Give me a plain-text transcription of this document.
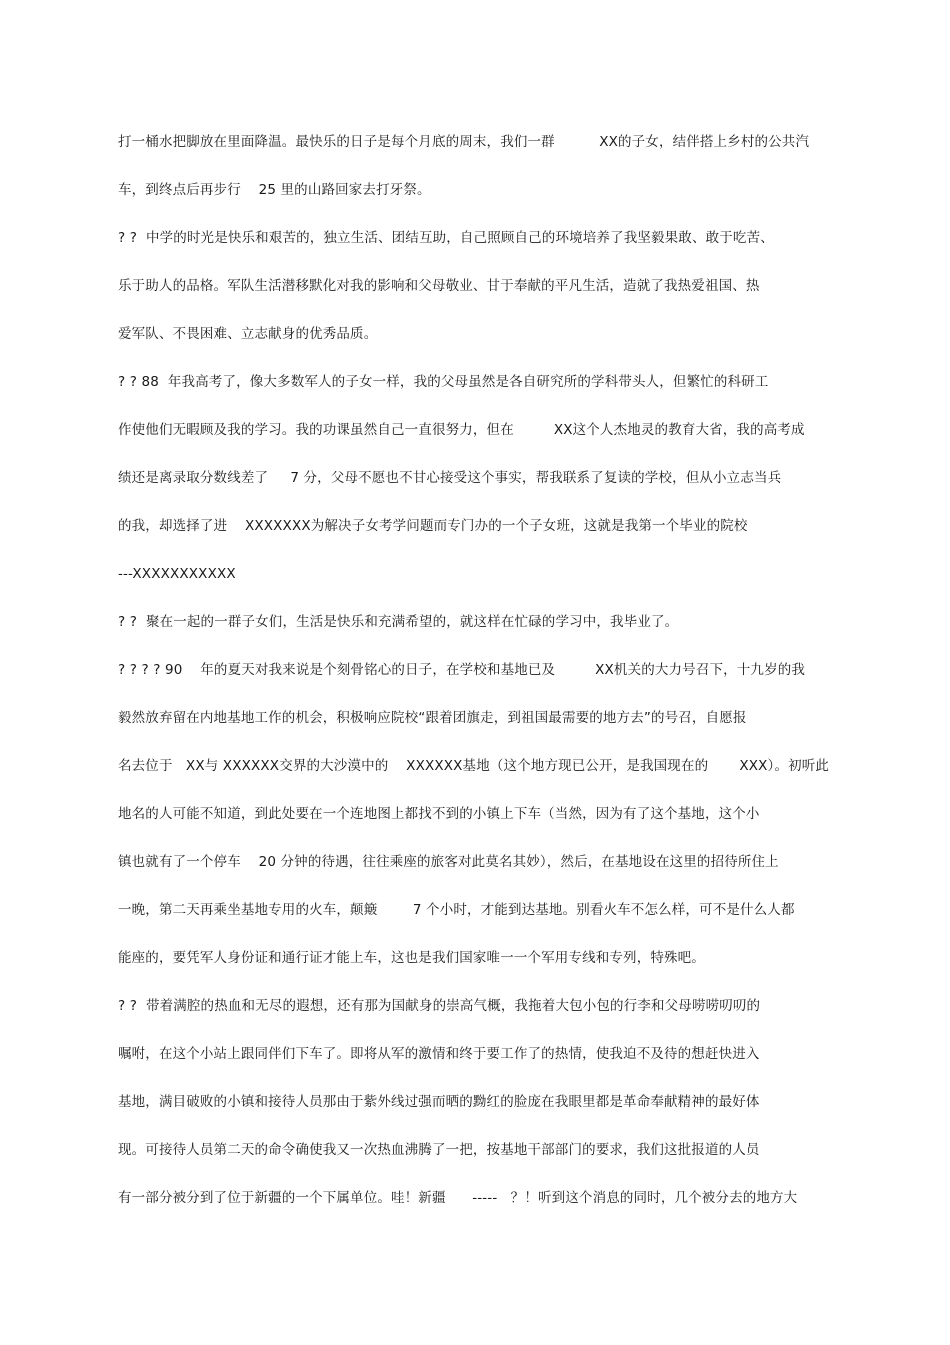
打一桶水把脚放在里面降温。最快乐的日子是每个月底的周末，我们一群          XX的子女，结伴搭上乡村的公共汽
车，到终点后再步行    25 里的山路回家去打牙祭。
? ?  中学的时光是快乐和艰苦的，独立生活、团结互助，自己照顾自己的环境培养了我坚毅果敢、敢于吃苦、
乐于助人的品格。军队生活潜移默化对我的影响和父母敬业、甘于奉献的平凡生活，造就了我热爱祖国、热
爱军队、不畏困难、立志献身的优秀品质。
? ? 88  年我高考了，像大多数军人的子女一样，我的父母虽然是各自研究所的学科带头人，但繁忙的科研工
作使他们无暇顾及我的学习。我的功课虽然自己一直很努力，但在         XX这个人杰地灵的教育大省，我的高考成
绩还是离录取分数线差了     7 分，父母不愿也不甘心接受这个事实，帮我联系了复读的学校，但从小立志当兵
的我，却选择了进    XXXXXXX为解决子女考学问题而专门办的一个子女班，这就是我第一个毕业的院校
---XXXXXXXXXXX
? ?  聚在一起的一群子女们，生活是快乐和充满希望的，就这样在忙碌的学习中，我毕业了。
? ? ? ? 90    年的夏天对我来说是个刻骨铭心的日子，在学校和基地已及         XX机关的大力号召下，十九岁的我
毅然放弃留在内地基地工作的机会，积极响应院校“跟着团旗走，到祖国最需要的地方去”的号召，自愿报
名去位于   XX与 XXXXXX交界的大沙漠中的    XXXXXX基地（这个地方现已公开，是我国现在的       XXX）。初听此
地名的人可能不知道，到此处要在一个连地图上都找不到的小镇上下车（当然，因为有了这个基地，这个小
镇也就有了一个停车    20 分钟的待遇，往往乘座的旅客对此莫名其妙），然后，在基地设在这里的招待所住上
一晚，第二天再乘坐基地专用的火车，颠簸        7 个小时，才能到达基地。别看火车不怎么样，可不是什么人都
能座的，要凭军人身份证和通行证才能上车，这也是我们国家唯一一个军用专线和专列，特殊吧。
? ?  带着满腔的热血和无尽的遐想，还有那为国献身的崇高气概，我拖着大包小包的行李和父母唠唠叨叨的
嘱咐，在这个小站上跟同伴们下车了。即将从军的激情和终于要工作了的热情，使我迫不及待的想赶快进入
基地，满目破败的小镇和接待人员那由于紫外线过强而晒的黝红的脸庞在我眼里都是革命奉献精神的最好体
现。可接待人员第二天的命令确使我又一次热血沸腾了一把，按基地干部部门的要求，我们这批报道的人员
有一部分被分到了位于新疆的一个下属单位。哇！新疆      -----   ？！听到这个消息的同时，几个被分去的地方大
